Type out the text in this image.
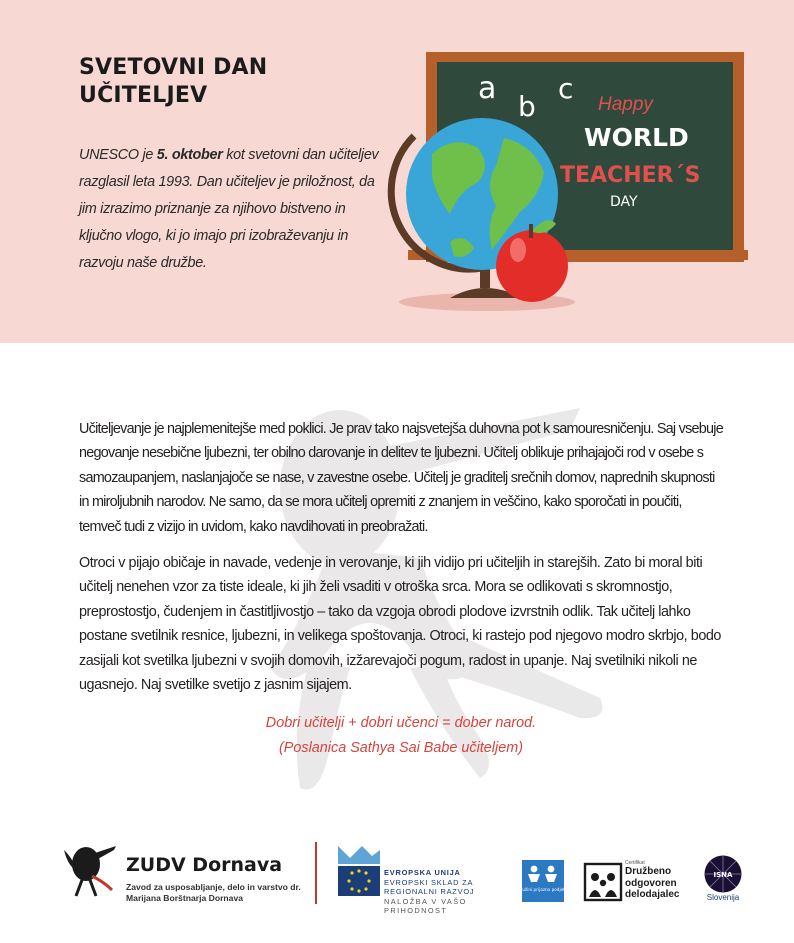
SVETOVNI DAN
UČITELJEV

UNESCO je 5. oktober kot svetovni dan učiteljev razglasil leta 1993. Dan učiteljev je priložnost, da jim izrazimo priznanje za njihovo bistveno in ključno vlogo, ki jo imajo pri izobraževanju in razvoju naše družbe.

a
b
c Happy
WORLD
TEACHER´S
DAY

Učiteljevanje je najplemenitejše med poklici. Je prav tako najsvetejša duhovna pot k samouresničenju. Saj vsebuje negovanje nesebične ljubezni, ter obilno darovanje in delitev te ljubezni. Učitelj oblikuje prihajajoči rod v osebe s samozaupanjem, naslanjajoče se nase, v zavestne osebe. Učitelj je graditelj srečnih domov, naprednih skupnosti in miroljubnih narodov. Ne samo, da se mora učitelj opremiti z znanjem in veščino, kako sporočati in poučiti, temveč tudi z vizijo in uvidom, kako navdihovati in preobražati.

Otroci v pijajo običaje in navade, vedenje in verovanje, ki jih vidijo pri učiteljih in starejših. Zato bi moral biti učitelj nenehen vzor za tiste ideale, ki jih želi vsaditi v otroška srca. Mora se odlikovati s skromnostjo, preprostostjo, čudenjem in častitljivostjo – tako da vzgoja obrodi plodove izvrstnih odlik. Tak učitelj lahko postane svetilnik resnice, ljubezni, in velikega spoštovanja. Otroci, ki rastejo pod njegovo modro skrbjo, bodo zasijali kot svetilka ljubezni v svojih domovih, izžarevajoči pogum, radost in upanje. Naj svetilniki nikoli ne ugasnejo. Naj svetilke svetijo z jasnim sijajem.

Dobri učitelji + dobri učenci = dober narod.
(Poslanica Sathya Sai Babe učiteljem)
ZUDV Dornava
Zavod za usposabljanje, delo in varstvo dr. Marijana Borštnarja Dornava
EVROPSKA UNIJA
EVROPSKI SKLAD ZA
REGIONALNI RAZVOJ
NALOŽBA V VAŠO PRIHODNOST
Družini prijazno podjetje
Certifikat
Družbeno
odgovoren
delodajalec
ISNA
Slovenija
